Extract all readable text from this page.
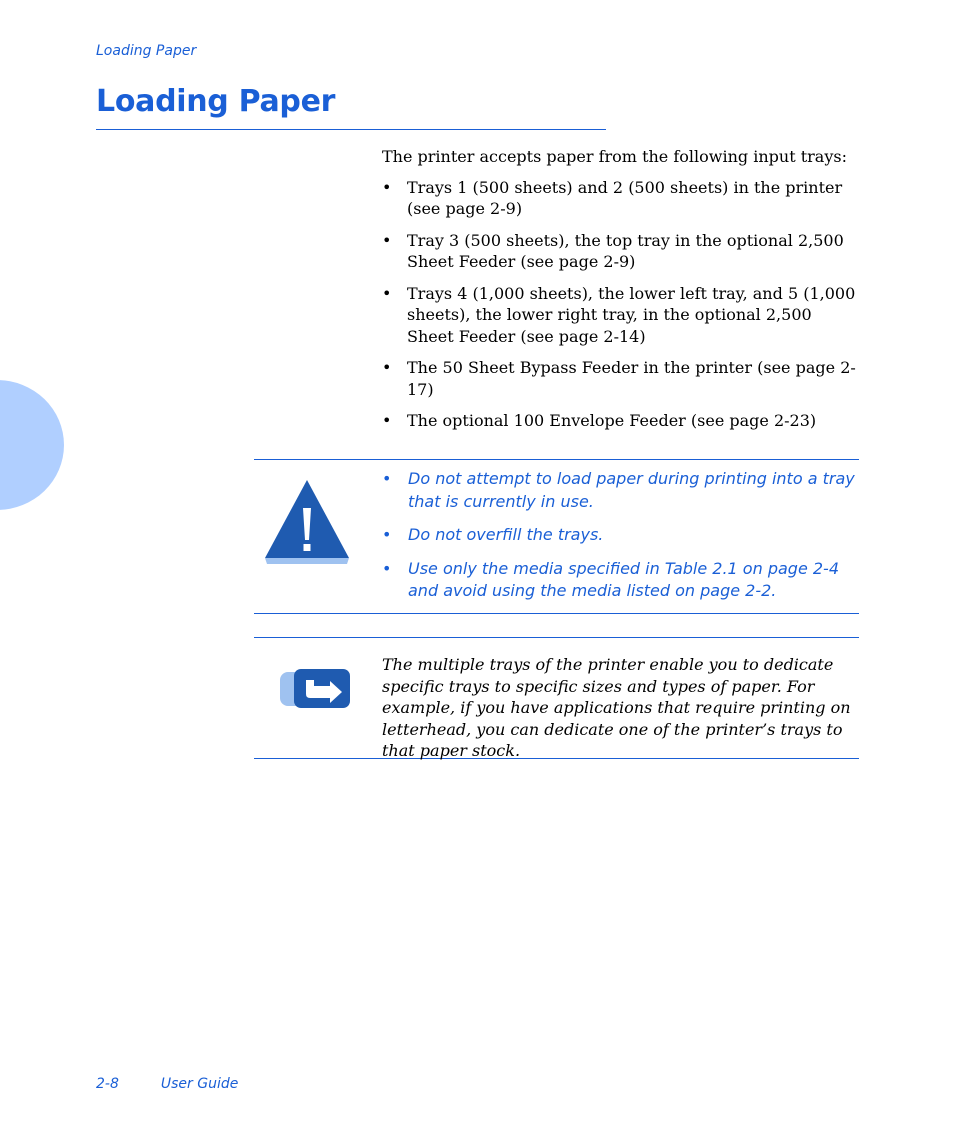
Loading Paper
Loading Paper

The printer accepts paper from the following input trays:

• Trays 1 (500 sheets) and 2 (500 sheets) in the printer (see page 2-9)
• Tray 3 (500 sheets), the top tray in the optional 2,500 Sheet Feeder (see page 2-9)
• Trays 4 (1,000 sheets), the lower left tray, and 5 (1,000 sheets), the lower right tray, in the optional 2,500 Sheet Feeder (see page 2-14)
• The 50 Sheet Bypass Feeder in the printer (see page 2-17)
• The optional 100 Envelope Feeder (see page 2-23)
• Do not attempt to load paper during printing into a tray that is currently in use.
• Do not overfill the trays.
• Use only the media specified in Table 2.1 on page 2-4 and avoid using the media listed on page 2-2.

The multiple trays of the printer enable you to dedicate specific trays to specific sizes and types of paper. For example, if you have applications that require printing on letterhead, you can dedicate one of the printer’s trays to that paper stock.

2-8	User Guide
